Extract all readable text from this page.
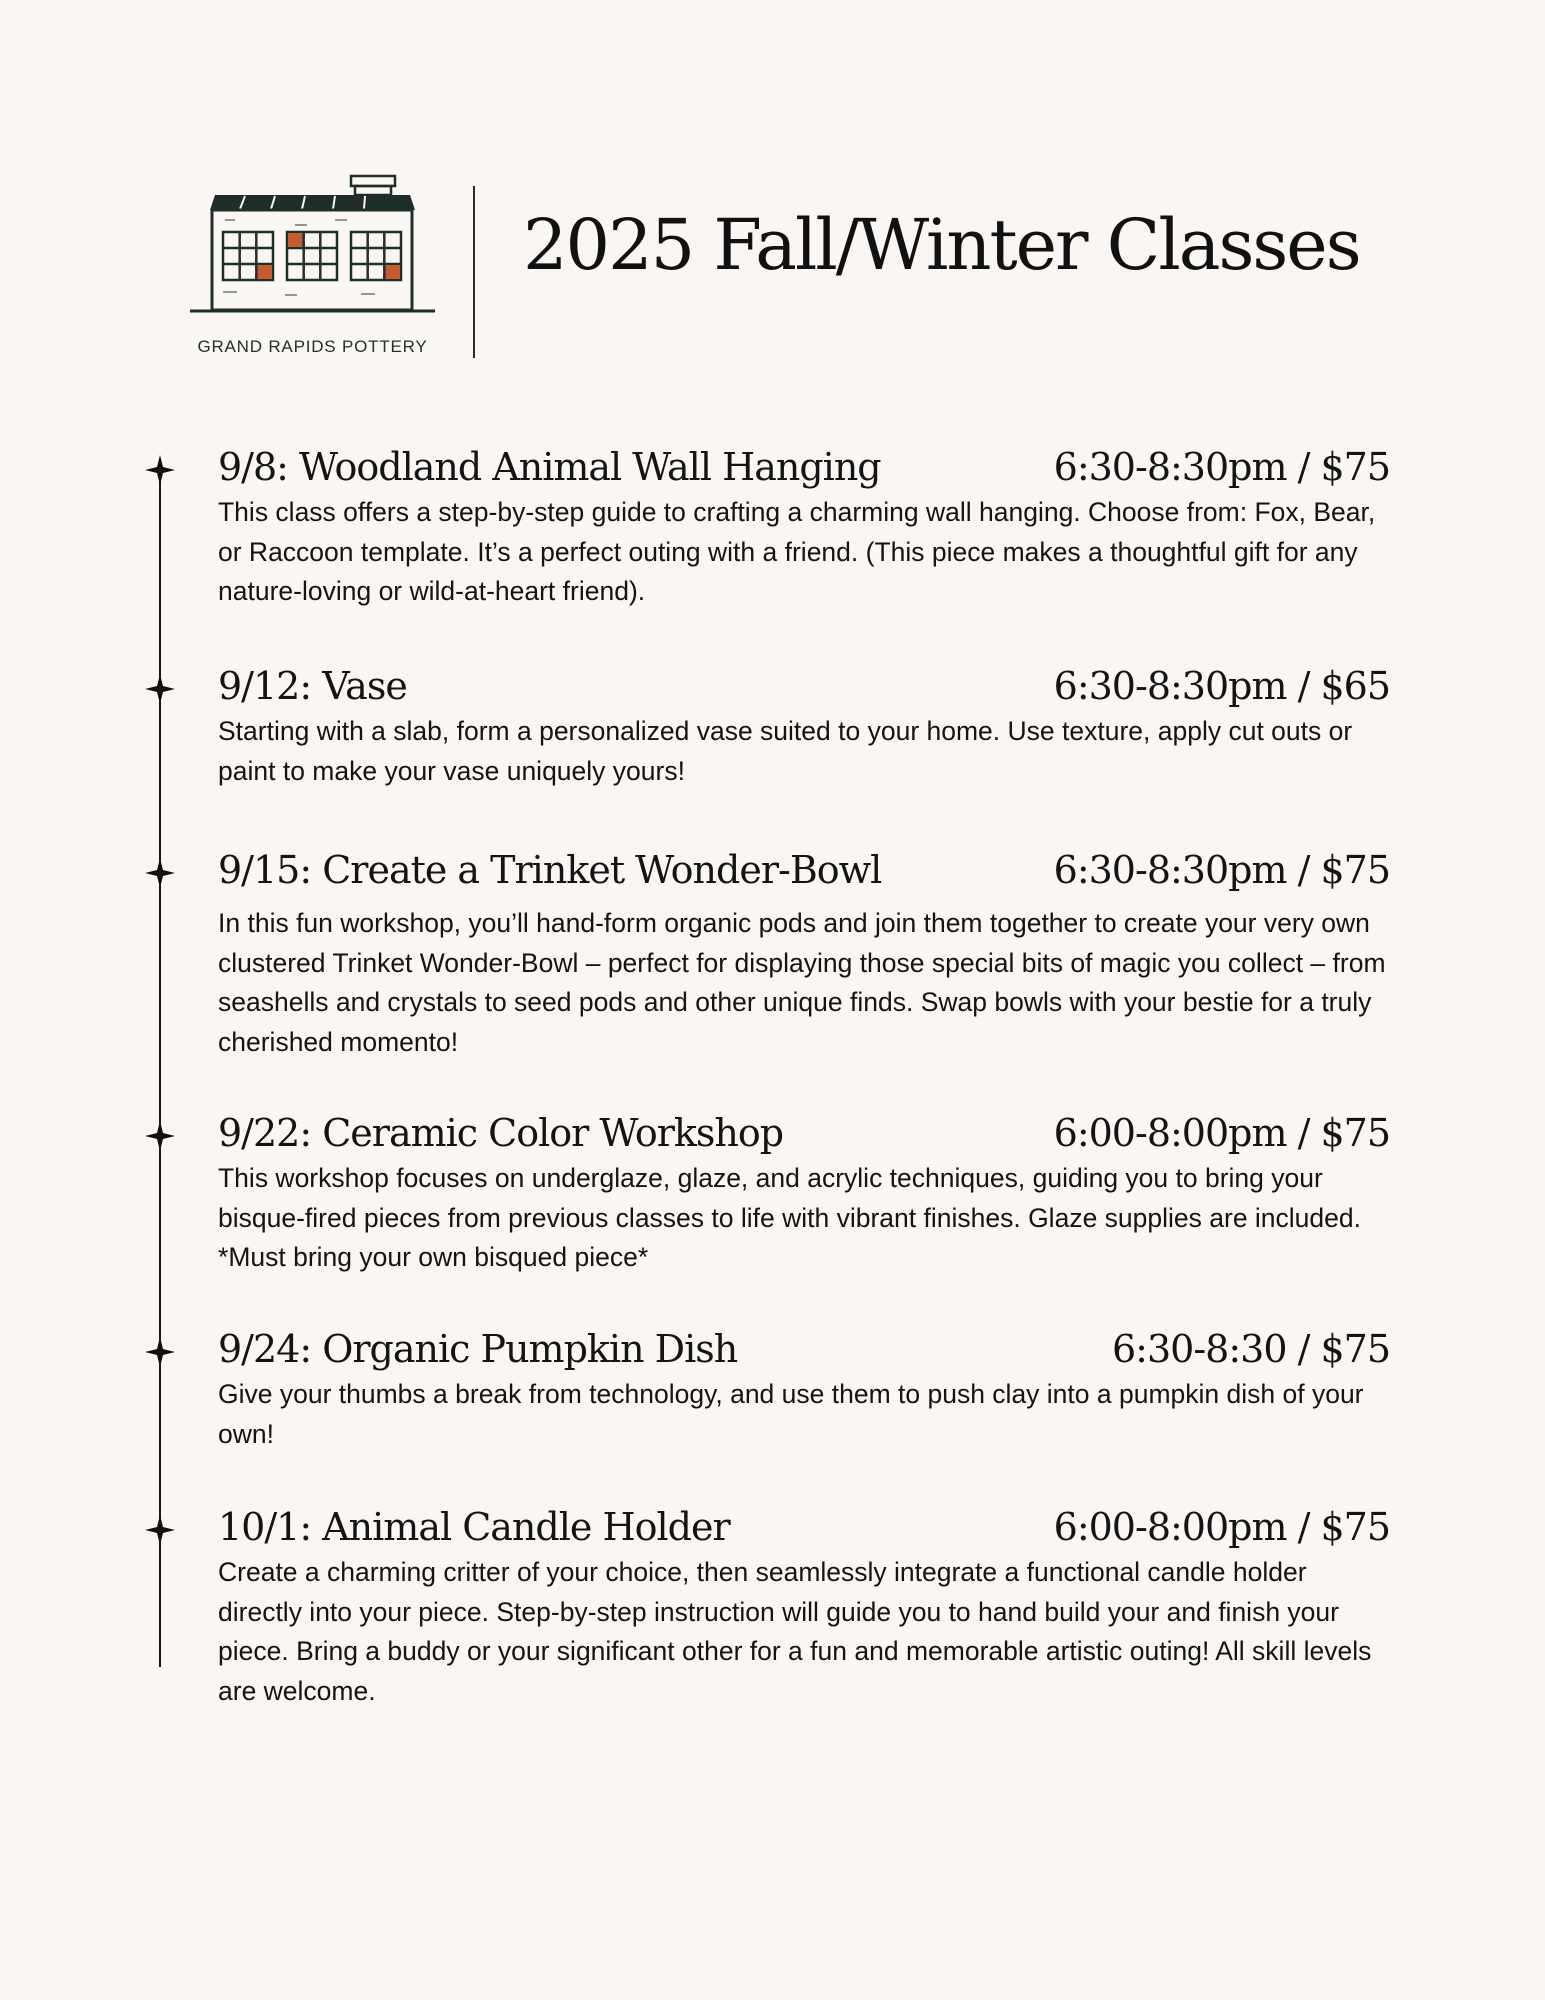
GRAND RAPIDS POTTERY
2025 Fall/Winter Classes
9/8: Woodland Animal Wall Hanging	6:30-8:30pm / $75

This class offers a step-by-step guide to crafting a charming wall hanging. Choose from: Fox, Bear, or Raccoon template. It’s a perfect outing with a friend. (This piece makes a thoughtful gift for any nature-loving or wild-at-heart friend).

9/12: Vase	6:30-8:30pm / $65

Starting with a slab, form a personalized vase suited to your home. Use texture, apply cut outs or paint to make your vase uniquely yours!

9/15: Create a Trinket Wonder-Bowl	6:30-8:30pm / $75

In this fun workshop, you’ll hand-form organic pods and join them together to create your very own clustered Trinket Wonder-Bowl – perfect for displaying those special bits of magic you collect – from seashells and crystals to seed pods and other unique finds. Swap bowls with your bestie for a truly cherished momento!

9/22: Ceramic Color Workshop	6:00-8:00pm / $75

This workshop focuses on underglaze, glaze, and acrylic techniques, guiding you to bring your bisque-fired pieces from previous classes to life with vibrant finishes. Glaze supplies are included. *Must bring your own bisqued piece*

9/24: Organic Pumpkin Dish	6:30-8:30 / $75

Give your thumbs a break from technology, and use them to push clay into a pumpkin dish of your own!

10/1: Animal Candle Holder	6:00-8:00pm / $75

Create a charming critter of your choice, then seamlessly integrate a functional candle holder directly into your piece. Step-by-step instruction will guide you to hand build your and finish your piece. Bring a buddy or your significant other for a fun and memorable artistic outing! All skill levels are welcome.
